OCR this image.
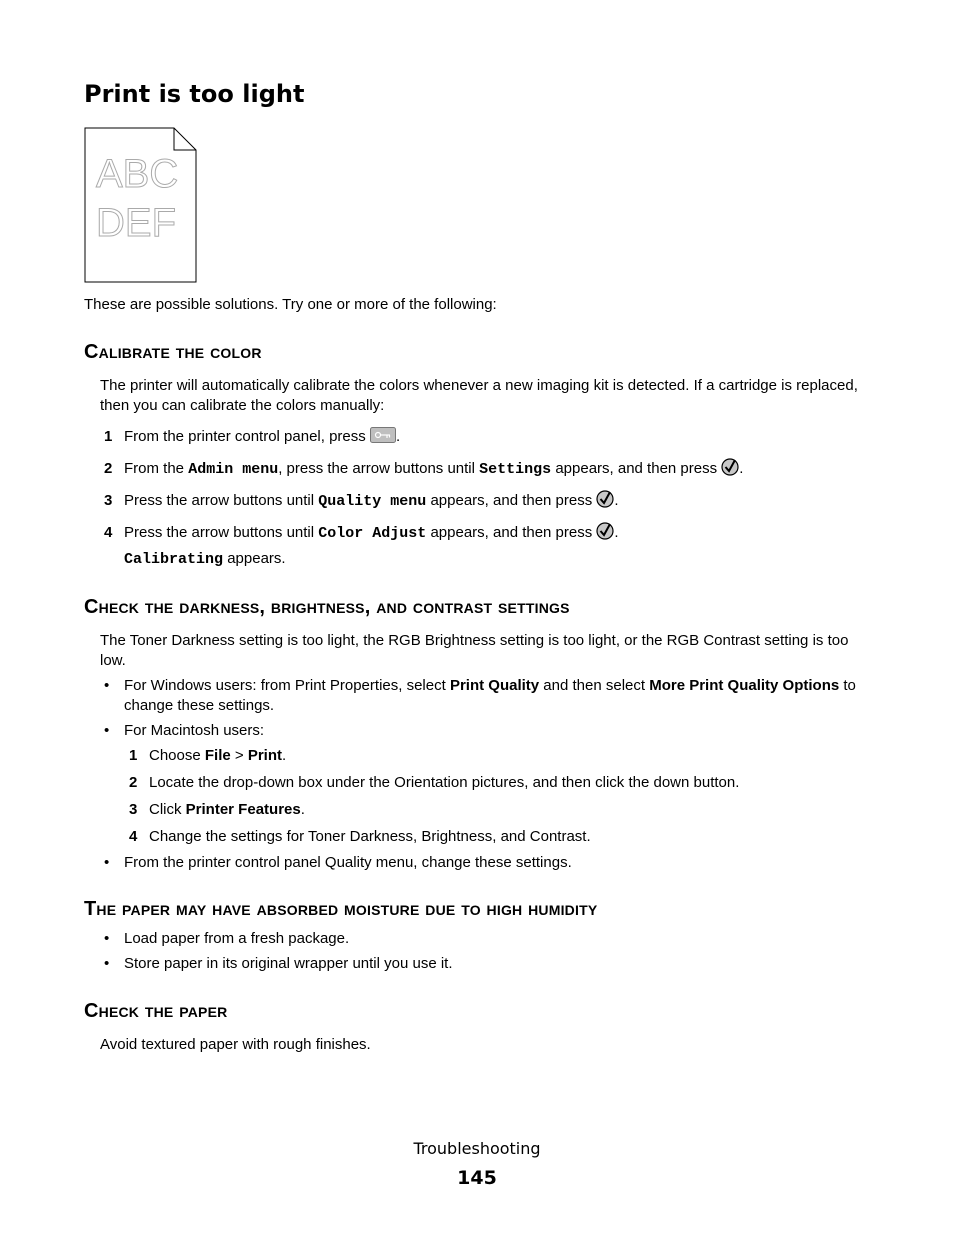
Print is too light
ABC
DEF

These are possible solutions. Try one or more of the following:

Calibrate the color

The printer will automatically calibrate the colors whenever a new imaging kit is detected. If a cartridge is replaced, then you can calibrate the colors manually:

1 From the printer control panel, press .
2 From the Admin menu, press the arrow buttons until Settings appears, and then press .
3 Press the arrow buttons until Quality menu appears, and then press .
4 Press the arrow buttons until Color Adjust appears, and then press .
Calibrating appears.
Check the darkness, brightness, and contrast settings

The Toner Darkness setting is too light, the RGB Brightness setting is too light, or the RGB Contrast setting is too low.

• For Windows users: from Print Properties, select Print Quality and then select More Print Quality Options to change these settings.
• For Macintosh users:
• From the printer control panel Quality menu, change these settings.
1 Choose File > Print.
2 Locate the drop-down box under the Orientation pictures, and then click the down button.
3 Click Printer Features.
4 Change the settings for Toner Darkness, Brightness, and Contrast.
The paper may have absorbed moisture due to high humidity
• Load paper from a fresh package.
• Store paper in its original wrapper until you use it.
Check the paper

Avoid textured paper with rough finishes.

Troubleshooting
145
